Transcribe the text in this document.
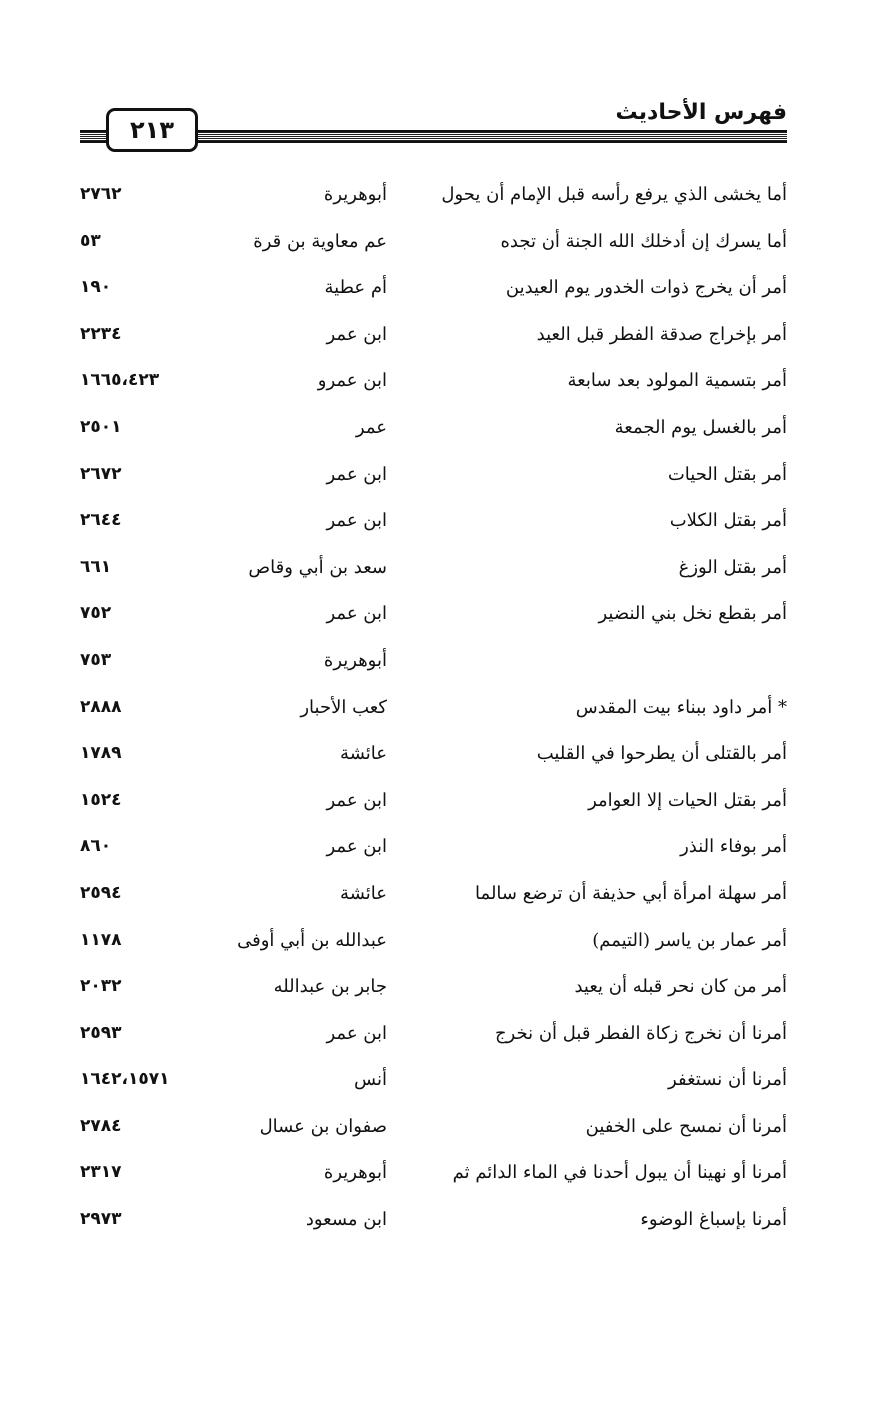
٢١٣
فهرس الأحاديث
أما يخشى الذي يرفع رأسه قبل الإمام أن يحول
أبوهريرة
٢٧٦٢
أما يسرك إن أدخلك الله الجنة أن تجده
عم معاوية بن قرة
٥٣
أمر أن يخرج ذوات الخدور يوم العيدين
أم عطية
١٩٠
أمر بإخراج صدقة الفطر قبل العيد
ابن عمر
٢٢٣٤
أمر بتسمية المولود بعد سابعة
ابن عمرو
١٦٦٥،٤٢٣
أمر بالغسل يوم الجمعة
عمر
٢٥٠١
أمر بقتل الحيات
ابن عمر
٢٦٧٢
أمر بقتل الكلاب
ابن عمر
٢٦٤٤
أمر بقتل الوزغ
سعد بن أبي وقاص
٦٦١
أمر بقطع نخل بني النضير
ابن عمر
٧٥٢
أبوهريرة
٧٥٣
* أمر داود ببناء بيت المقدس
كعب الأحبار
٢٨٨٨
أمر بالقتلى أن يطرحوا في القليب
عائشة
١٧٨٩
أمر بقتل الحيات إلا العوامر
ابن عمر
١٥٢٤
أمر بوفاء النذر
ابن عمر
٨٦٠
أمر سهلة امرأة أبي حذيفة أن ترضع سالما
عائشة
٢٥٩٤
أمر عمار بن ياسر (التيمم)
عبدالله بن أبي أوفى
١١٧٨
أمر من كان نحر قبله أن يعيد
جابر بن عبدالله
٢٠٣٢
أمرنا أن نخرج زكاة الفطر قبل أن نخرج
ابن عمر
٢٥٩٣
أمرنا أن نستغفر
أنس
١٦٤٢،١٥٧١
أمرنا أن نمسح على الخفين
صفوان بن عسال
٢٧٨٤
أمرنا أو نهينا أن يبول أحدنا في الماء الدائم ثم
أبوهريرة
٢٣١٧
أمرنا بإسباغ الوضوء
ابن مسعود
٢٩٧٣
